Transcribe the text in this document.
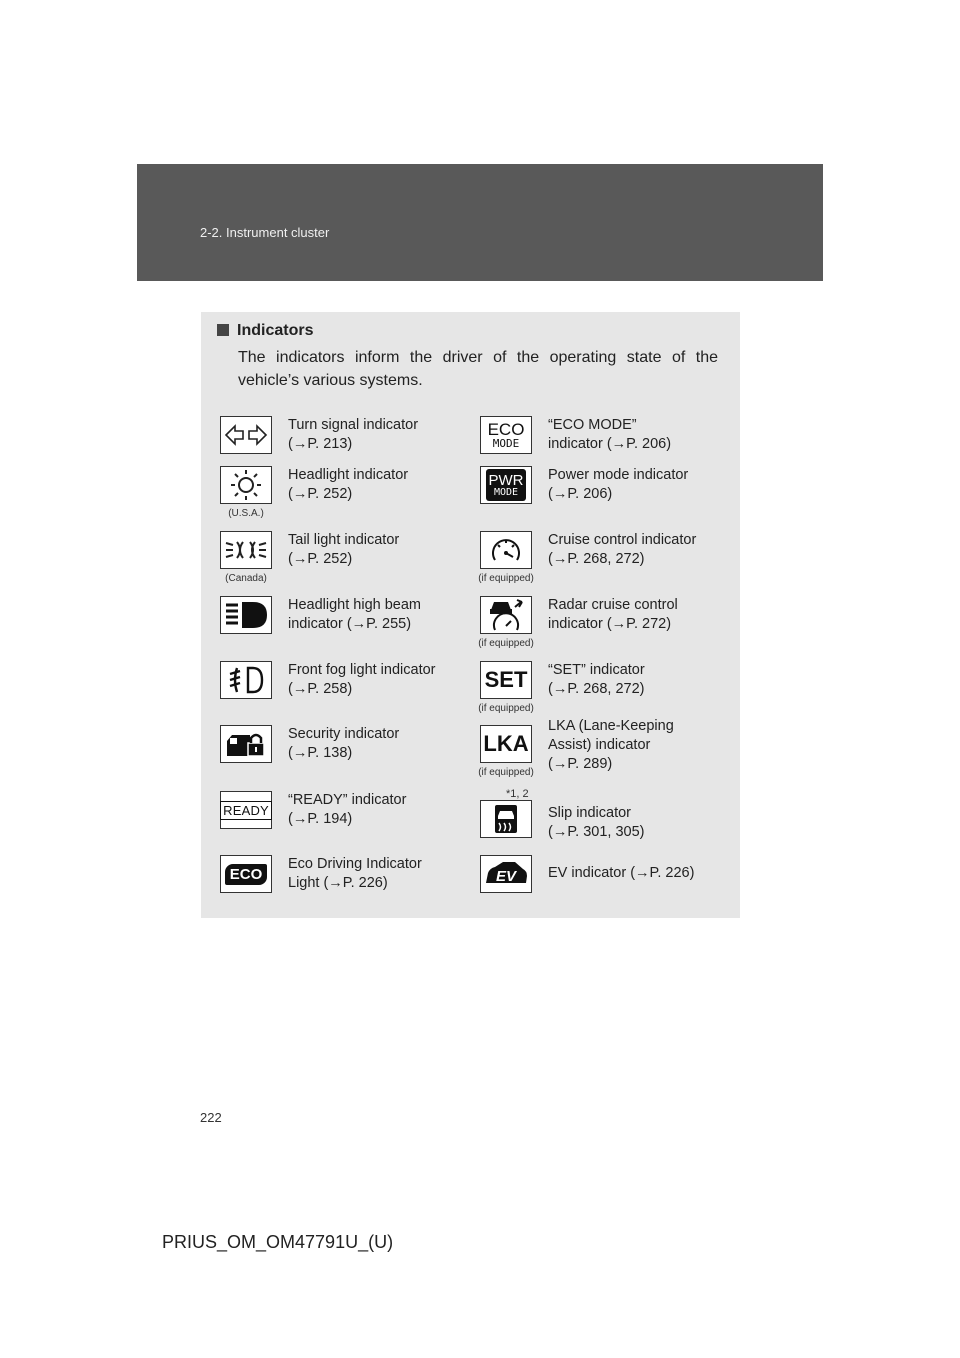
2-2. Instrument cluster
Indicators
The indicators inform the driver of the operating state of the vehicle’s various systems.
Turn signal indicator
(→P. 213)
(U.S.A.)
Headlight indicator
(→P. 252)
(Canada)
Tail light indicator
(→P. 252)
Headlight high beam
indicator (→P. 255)
Front fog light indicator
(→P. 258)
Security indicator
(→P. 138)
READY
“READY” indicator
(→P. 194)
ECO
Eco Driving Indicator
Light (→P. 226)
ECO
MODE
“ECO MODE”
indicator (→P. 206)
PWR
MODE
Power mode indicator
(→P. 206)
(if equipped)
Cruise control indicator
(→P. 268, 272)
(if equipped)
Radar cruise control
indicator (→P. 272)
SET
(if equipped)
“SET” indicator
(→P. 268, 272)
LKA
(if equipped)
LKA (Lane-Keeping
Assist) indicator
(→P. 289)
Slip indicator
(→P. 301, 305)
EV EV indicator (→P. 226)
*1, 2
222
PRIUS_OM_OM47791U_(U)
